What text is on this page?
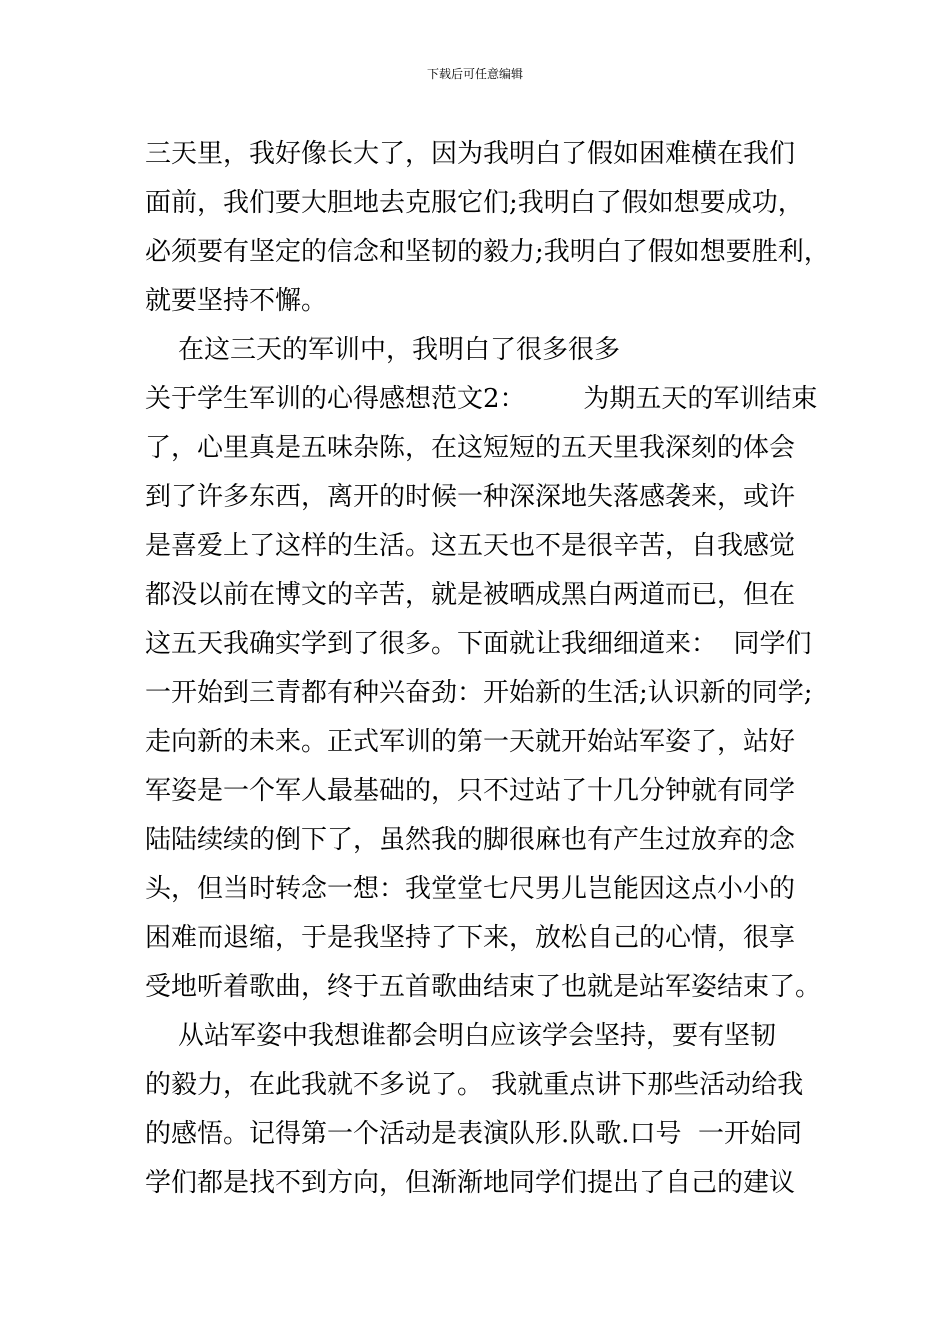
下载后可任意编辑
三天里，我好像长大了，因为我明白了假如困难横在我们
面前，我们要大胆地去克服它们;我明白了假如想要成功，
必须要有坚定的信念和坚韧的毅力;我明白了假如想要胜利，
就要坚持不懈。
在这三天的军训中，我明白了很多很多
关于学生军训的心得感想范文2：       为期五天的军训结束
了，心里真是五味杂陈，在这短短的五天里我深刻的体会
到了许多东西，离开的时候一种深深地失落感袭来，或许
是喜爱上了这样的生活。这五天也不是很辛苦，自我感觉
都没以前在博文的辛苦，就是被晒成黑白两道而已，但在
这五天我确实学到了很多。下面就让我细细道来：  同学们
一开始到三青都有种兴奋劲：开始新的生活;认识新的同学;
走向新的未来。正式军训的第一天就开始站军姿了，站好
军姿是一个军人最基础的，只不过站了十几分钟就有同学
陆陆续续的倒下了，虽然我的脚很麻也有产生过放弃的念
头，但当时转念一想：我堂堂七尺男儿岂能因这点小小的
困难而退缩，于是我坚持了下来，放松自己的心情，很享
受地听着歌曲，终于五首歌曲结束了也就是站军姿结束了。
从站军姿中我想谁都会明白应该学会坚持，要有坚韧
的毅力，在此我就不多说了。 我就重点讲下那些活动给我
的感悟。记得第一个活动是表演队形.队歌.口号  一开始同
学们都是找不到方向，但渐渐地同学们提出了自己的建议
